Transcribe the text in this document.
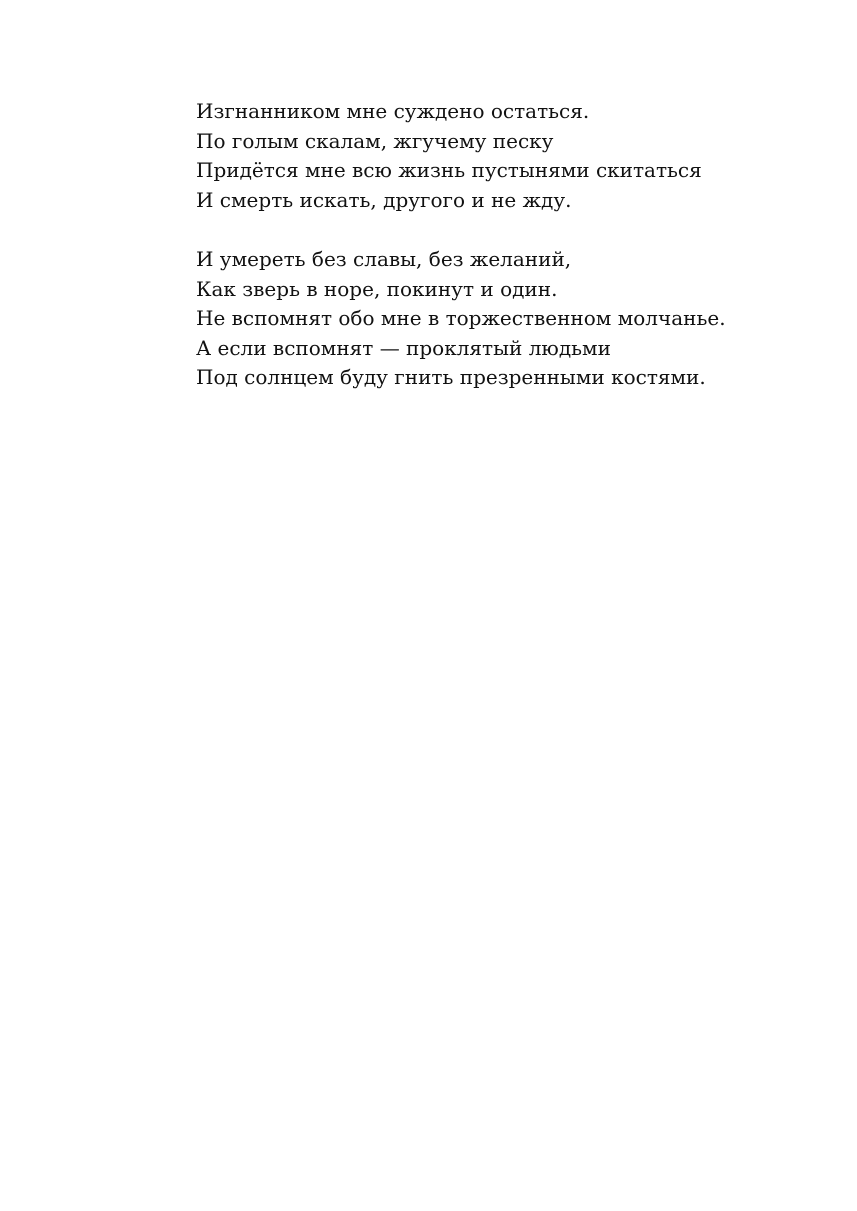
Изгнанником мне суждено остаться.
По голым скалам, жгучему песку
Придётся мне всю жизнь пустынями скитаться
И смерть искать, другого и не жду.
И умереть без славы, без желаний,
Как зверь в норе, покинут и один.
Не вспомнят обо мне в торжественном молчанье.
А если вспомнят — проклятый людьми
Под солнцем буду гнить презренными костями.
